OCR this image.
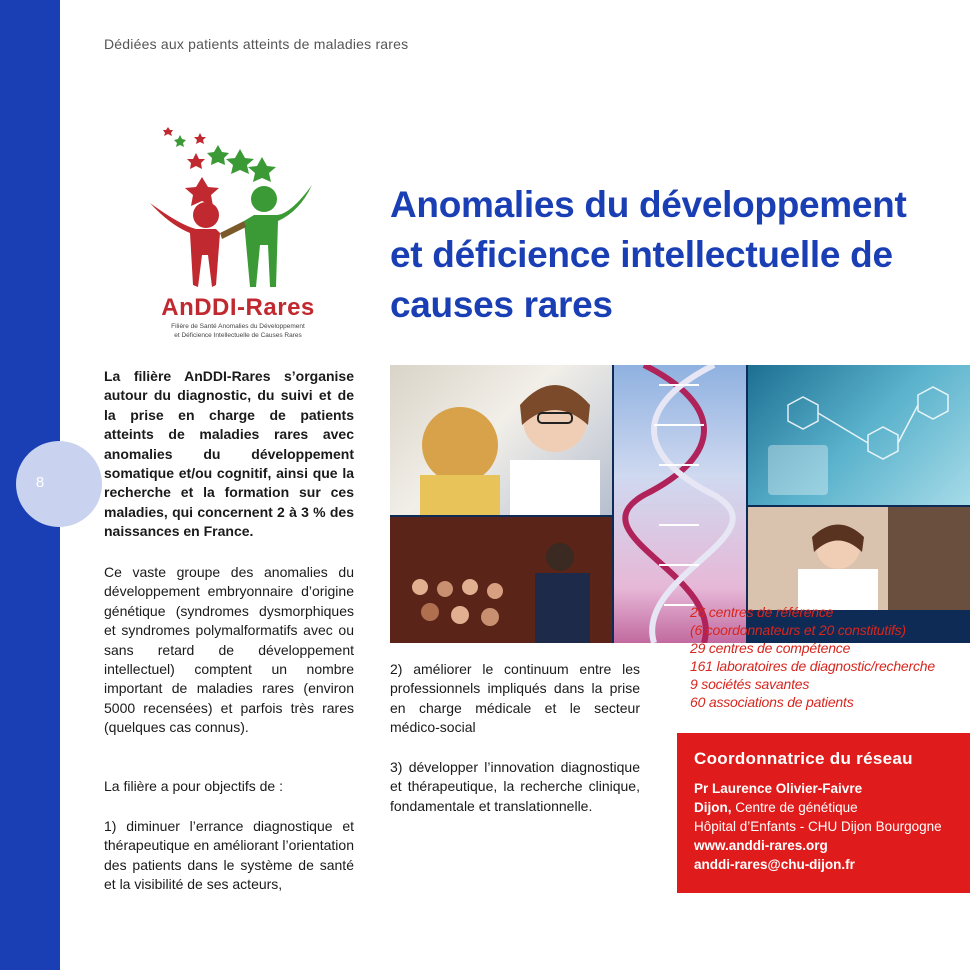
8
Dédiées aux patients atteints de maladies rares
AnDDI-Rares
Filière de Santé Anomalies du Développement
et Déficience Intellectuelle de Causes Rares
Anomalies du développement
et déficience intellectuelle de
causes rares

La filière AnDDI-Rares s’organise autour du diagnostic, du suivi et de la prise en charge de patients atteints de maladies rares avec anomalies du développement somatique et/ou cognitif, ainsi que la recherche et la formation sur ces maladies, qui concernent 2 à 3 % des naissances en France.

Ce vaste groupe des anomalies du développement embryonnaire d’origine génétique (syndromes dysmorphiques et syndromes polymalformatifs avec ou sans retard de développement intellectuel) comptent un nombre important de maladies rares (environ 5000 recensées) et parfois très rares (quelques cas connus).

La filière a pour objectifs de :

1) diminuer l’errance diagnostique et thérapeutique en améliorant l’orientation des patients dans le système de santé et la visibilité de ses acteurs,

26 centres de référence
(6 coordonnateurs et 20 constitutifs)
29 centres de compétence
161 laboratoires de diagnostic/recherche
9 sociétés savantes
60 associations de patients

2) améliorer le continuum entre les professionnels impliqués dans la prise en charge médicale et le secteur médico-social

3) développer l’innovation diagnostique et thérapeutique, la recherche clinique, fondamentale et translationnelle.

Coordonnatrice du réseau
Pr Laurence Olivier-Faivre
Dijon, Centre de génétique
Hôpital d’Enfants - CHU Dijon Bourgogne
www.anddi-rares.org
anddi-rares@chu-dijon.fr
